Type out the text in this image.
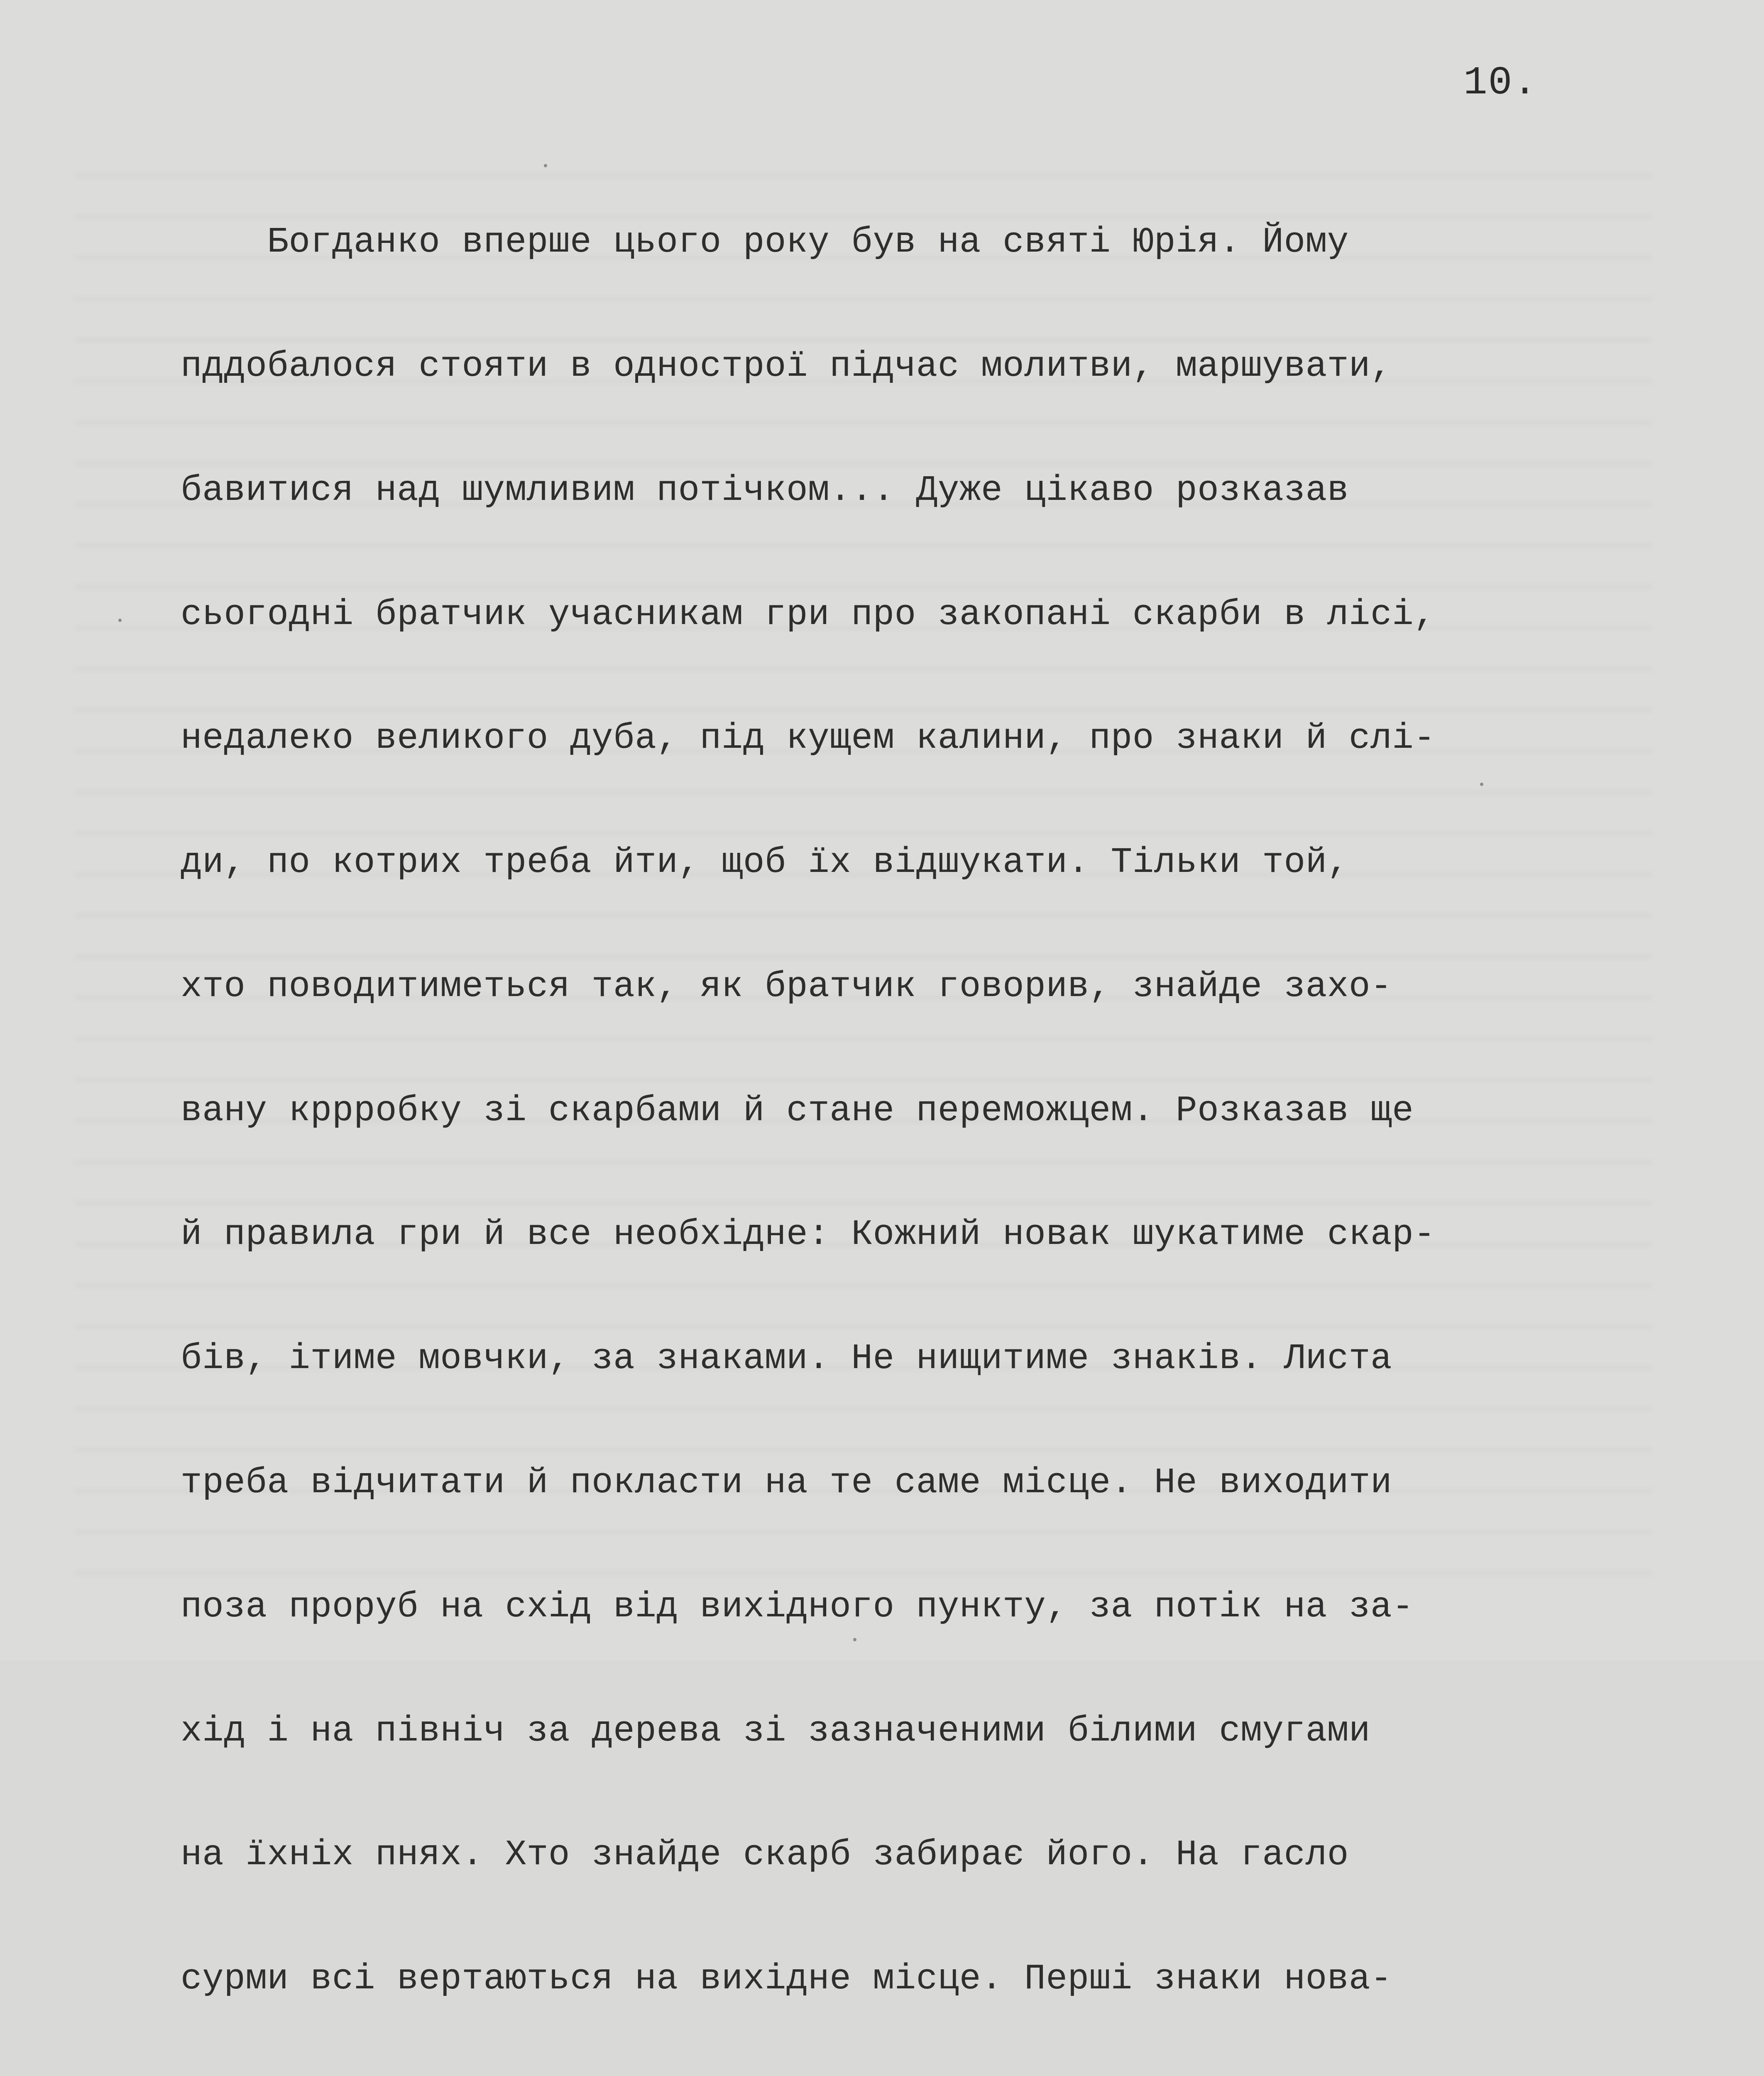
10.

Богданко вперше цього року був на святі Юрія. Йому

пддобалося стояти в однострої підчас молитви, маршувати,

бавитися над шумливим потічком... Дуже цікаво розказав

сьогодні братчик учасникам гри про закопані скарби в лісі,

недалеко великого дуба, під кущем калини, про знаки й слі-

ди, по котрих треба йти, щоб їх відшукати. Тільки той,

хто поводитиметься так, як братчик говорив, знайде захо-

вану кррробку зі скарбами й стане переможцем. Розказав ще

й правила гри й все необхідне: Кожний новак шукатиме скар-

бів, ітиме мовчки, за знаками. Не нищитиме знаків. Листа

треба відчитати й покласти на те саме місце. Не виходити

поза проруб на схід від вихідного пункту, за потік на за-

хід і на північ за дерева зі зазначеними білими смугами

на їхніх пнях. Хто знайде скарб забирає його. На гасло

сурми всі вертаються на вихідне місце. Перші знаки нова-
